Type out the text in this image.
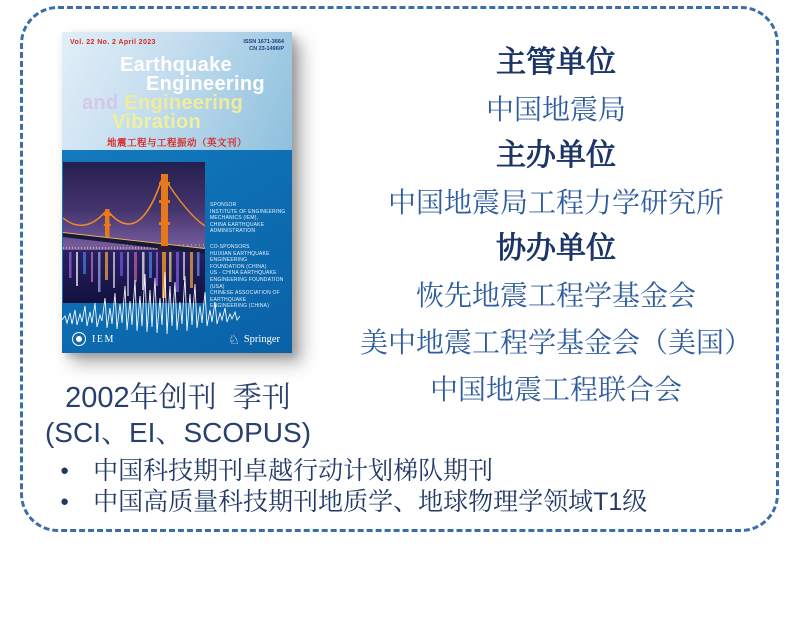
Vol. 22 No. 2 April 2023	ISSN 1671-3664
CN 23-1496/P
Earthquake
Engineering
and Engineering
Vibration
地震工程与工程振动（英文刊）
SPONSOR
INSTITUTE OF ENGINEERING
MECHANICS (IEM),
CHINA EARTHQUAKE ADMINISTRATION
CO-SPONSORS
HUIXIAN EARTHQUAKE ENGINEERING
FOUNDATION (CHINA)
US - CHINA EARTHQUAKE
ENGINEERING FOUNDATION (USA)
CHINESE ASSOCIATION OF EARTHQUAKE
ENGINEERING (CHINA)
IEM	♘ Springer
2002年创刊  季刊
(SCI、EI、SCOPUS)
主管单位
中国地震局
主办单位
中国地震局工程力学研究所
协办单位
恢先地震工程学基金会
美中地震工程学基金会（美国）
中国地震工程联合会
● 中国科技期刊卓越行动计划梯队期刊
● 中国高质量科技期刊地质学、地球物理学领域T1级
